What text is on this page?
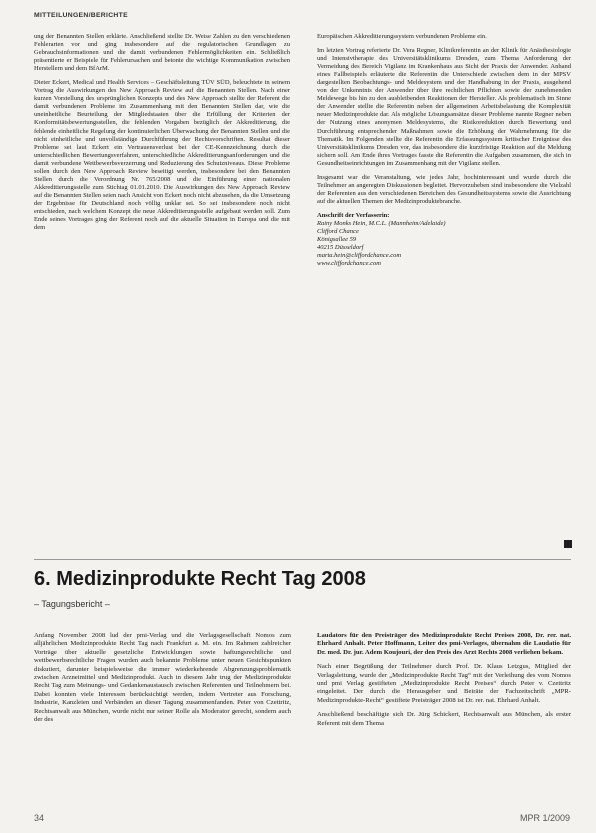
MITTEILUNGEN/BERICHTE

ung der Benannten Stellen erklärte. Anschließend stellte Dr. Weise Zahlen zu den verschiedenen Fehlerarten vor und ging insbesondere auf die regulatorischen Grundlagen zu Gebrauchsinformationen und die damit verbundenen Fehlermöglichkeiten ein. Schließlich präsentierte er Beispiele für Fehlerursachen und betonte die wichtige Kommunikation zwischen Herstellern und dem BfArM.

Dieter Eckert, Medical und Health Services – Geschäftsleitung TÜV SÜD, beleuchtete in seinem Vortrag die Auswirkungen des New Approach Review auf die Benannten Stellen. Nach einer kurzen Vorstellung des ursprünglichen Konzepts und des New Approach stellte der Referent die damit verbundenen Probleme im Zusammenhang mit den Benannten Stellen dar, wie die uneinheitliche Beurteilung der Mitgliedstaaten über die Erfüllung der Kriterien der Konformitätsbewertungsstellen, die fehlenden Vorgaben bezüglich der Akkreditierung, die fehlende einheitliche Regelung der kontinuierlichen Überwachung der Benannten Stellen und die nicht einheitliche und unvollständige Durchführung der Rechtsvorschriften. Resultat dieser Probleme sei laut Eckert ein Vertrauensverlust bei der CE-Kennzeichnung durch die unterschiedlichen Bewertungsverfahren, unterschiedliche Akkreditierungsanforderungen und die damit verbundene Wettbewerbsverzerrung und Reduzierung des Schutzniveaus. Diese Probleme sollen durch den New Approach Review beseitigt werden, insbesondere bei den Benannten Stellen durch die Verordnung Nr. 765/2008 und die Einführung einer nationalen Akkreditierungsstelle zum Stichtag 01.01.2010. Die Auswirkungen des New Approach Review auf die Benannten Stellen seien nach Ansicht von Eckert noch nicht abzusehen, da die Umsetzung der Ergebnisse für Deutschland noch völlig unklar sei. So sei insbesondere noch nicht entschieden, nach welchem Konzept die neue Akkreditierungsstelle aufgebaut werden soll. Zum Ende seines Vortrages ging der Referent noch auf die aktuelle Situation in Europa und die mit dem

Europäischen Akkreditierungssystem verbundenen Probleme ein.

Im letzten Vortrag referierte Dr. Vera Regner, Klinikreferentin an der Klinik für Anästhesiologie und Intensivtherapie des Universitätsklinikums Dresden, zum Thema Anforderung der Vermeidung des Bereich Vigilanz im Krankenhaus aus Sicht der Praxis der Anwender. Anhand eines Fallbeispiels erläuterte die Referentin die Unterschiede zwischen dem in der MPSV dargestellten Beobachtungs- und Meldesystem und der Handhabung in der Praxis, ausgehend von der Unkenntnis der Anwender über ihre rechtlichen Pflichten sowie der zunehmenden Meldewege bis hin zu den ausbleibenden Reaktionen der Hersteller. Als problematisch im Sinne der Anwender stellte die Referentin neben der allgemeinen Arbeitsbelastung die Komplexität neuer Medizinprodukte dar. Als mögliche Lösungsansätze dieser Probleme nannte Regner neben der Nutzung eines anonymen Meldesystems, die Risikoreduktion durch Bewertung und Durchführung entsprechender Maßnahmen sowie die Erhöhung der Wahrnehmung für die Thematik. Im Folgenden stellte die Referentin die Erfassungssystem kritischer Ereignisse des Universitätsklinikums Dresden vor, das insbesondere die kurzfristige Reaktion auf die Meldung sichern soll. Am Ende ihres Vortrages fasste die Referentin die Aufgaben zusammen, die sich in Gesundheitseinrichtungen im Zusammenhang mit der Vigilanz stellen.

Insgesamt war die Veranstaltung, wie jedes Jahr, hochinteressant und wurde durch die Teilnehmer an angeregten Diskussionen begleitet. Hervorzuheben sind insbesondere die Vielzahl der Referenten aus den verschiedenen Bereichen des Gesundheitssystems sowie die Ausrichtung auf die aktuellen Themen der Medizinproduktebranche.

Anschrift der Verfasserin:
Rainy Monks Hein, M.C.L. (Mannheim/Adelaide)
Clifford Chance
Königsallee 59
40215 Düsseldorf
marta.hein@cliffordchance.com
www.cliffordchance.com
6. Medizinprodukte Recht Tag 2008
– Tagungsbericht –

Anfang November 2008 lud der pmi-Verlag und die Verlagsgesellschaft Nomos zum alljährlichen Medizinprodukte Recht Tag nach Frankfurt a. M. ein. Im Rahmen zahlreicher Vorträge über aktuelle gesetzliche Entwicklungen sowie haftungsrechtliche und wettbewerbsrechtliche Fragen wurden auch bekannte Probleme unter neuen Gesichtspunkten diskutiert, darunter beispielsweise die immer wiederkehrende Abgrenzungsproblematik zwischen Arzneimittel und Medizinprodukt. Auch in diesem Jahr trug der Medizinprodukte Recht Tag zum Meinungs- und Gedankenaustausch zwischen Referenten und Teilnehmern bei. Dabei konnten viele Interessen berücksichtigt werden, indem Vertreter aus Forschung, Industrie, Kanzleien und Verbänden an dieser Tagung zusammenfanden. Peter von Czettritz, Rechtsanwalt aus München, wurde nicht nur seiner Rolle als Moderator gerecht, sondern auch der des

Laudators für den Preisträger des Medizinprodukte Recht Preises 2008, Dr. rer. nat. Ehrhard Anhalt. Peter Hoffmann, Leiter des pmi-Verlages, übernahm die Laudatio für Dr. med. Dr. jur. Adem Koujouri, der den Preis des Arzt Rechts 2008 verliehen bekam.

Nach einer Begrüßung der Teilnehmer durch Prof. Dr. Klaus Letzgus, Mitglied der Verlagsleitung, wurde der „Medizinprodukte Recht Tag“ mit der Verleihung des vom Nomos und pmi Verlag gestifteten „Medizinprodukte Recht Preises“ durch Peter v. Czettritz eingeleitet. Der durch die Herausgeber und Beiräte der Fachzeitschrift „MPR-Medizinprodukte-Recht“ gestiftete Preisträger 2008 ist Dr. rer. nat. Ehrhard Anhalt.

Anschließend beschäftigte sich Dr. Jürg Schickert, Rechtsanwalt aus München, als erster Referent mit dem Thema

34	MPR 1/2009
